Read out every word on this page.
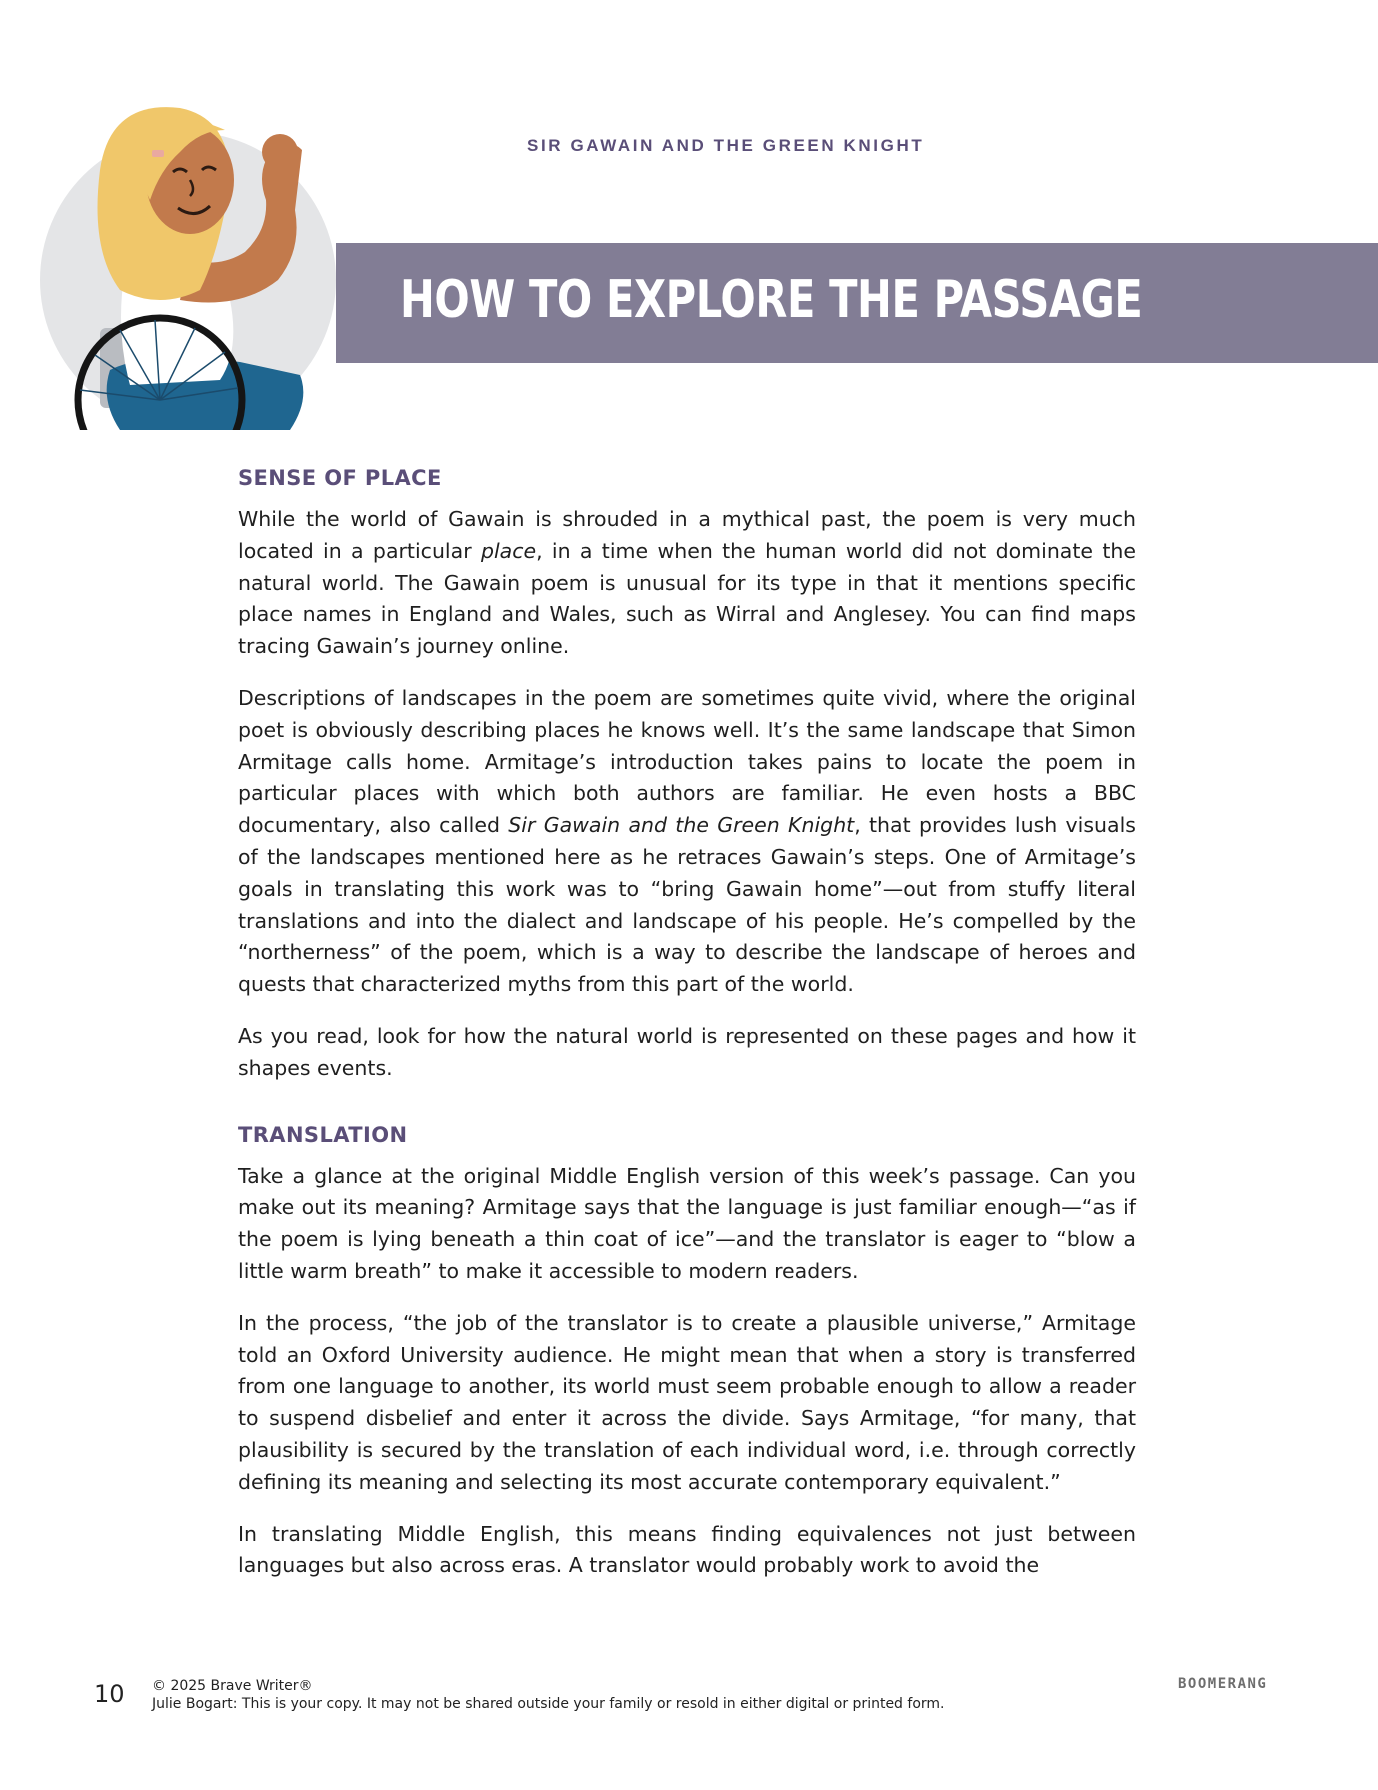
SIR GAWAIN AND THE GREEN KNIGHT
HOW TO EXPLORE THE PASSAGE
SENSE OF PLACE

While the world of Gawain is shrouded in a mythical past, the poem is very much located in a particular place, in a time when the human world did not dominate the natural world. The Gawain poem is unusual for its type in that it mentions specific place names in England and Wales, such as Wirral and Anglesey. You can find maps tracing Gawain’s journey online.

Descriptions of landscapes in the poem are sometimes quite vivid, where the original poet is obviously describing places he knows well. It’s the same landscape that Simon Armitage calls home. Armitage’s introduction takes pains to locate the poem in particular places with which both authors are familiar. He even hosts a BBC documentary, also called Sir Gawain and the Green Knight, that provides lush visuals of the landscapes mentioned here as he retraces Gawain’s steps. One of Armitage’s goals in translating this work was to “bring Gawain home”—out from stuffy literal translations and into the dialect and landscape of his people. He’s compelled by the “northerness” of the poem, which is a way to describe the landscape of heroes and quests that characterized myths from this part of the world.

As you read, look for how the natural world is represented on these pages and how it shapes events.

TRANSLATION

Take a glance at the original Middle English version of this week’s passage. Can you make out its meaning? Armitage says that the language is just familiar enough—“as if the poem is lying beneath a thin coat of ice”—and the translator is eager to “blow a little warm breath” to make it accessible to modern readers.

In the process, “the job of the translator is to create a plausible universe,” Armitage told an Oxford University audience. He might mean that when a story is transferred from one language to another, its world must seem probable enough to allow a reader to suspend disbelief and enter it across the divide. Says Armitage, “for many, that plausibility is secured by the translation of each individual word, i.e. through correctly defining its meaning and selecting its most accurate contemporary equivalent.”

In translating Middle English, this means finding equivalences not just between languages but also across eras. A translator would probably work to avoid the

10 © 2025 Brave Writer®
Julie Bogart: This is your copy. It may not be shared outside your family or resold in either digital or printed form.
BOOMERANG
